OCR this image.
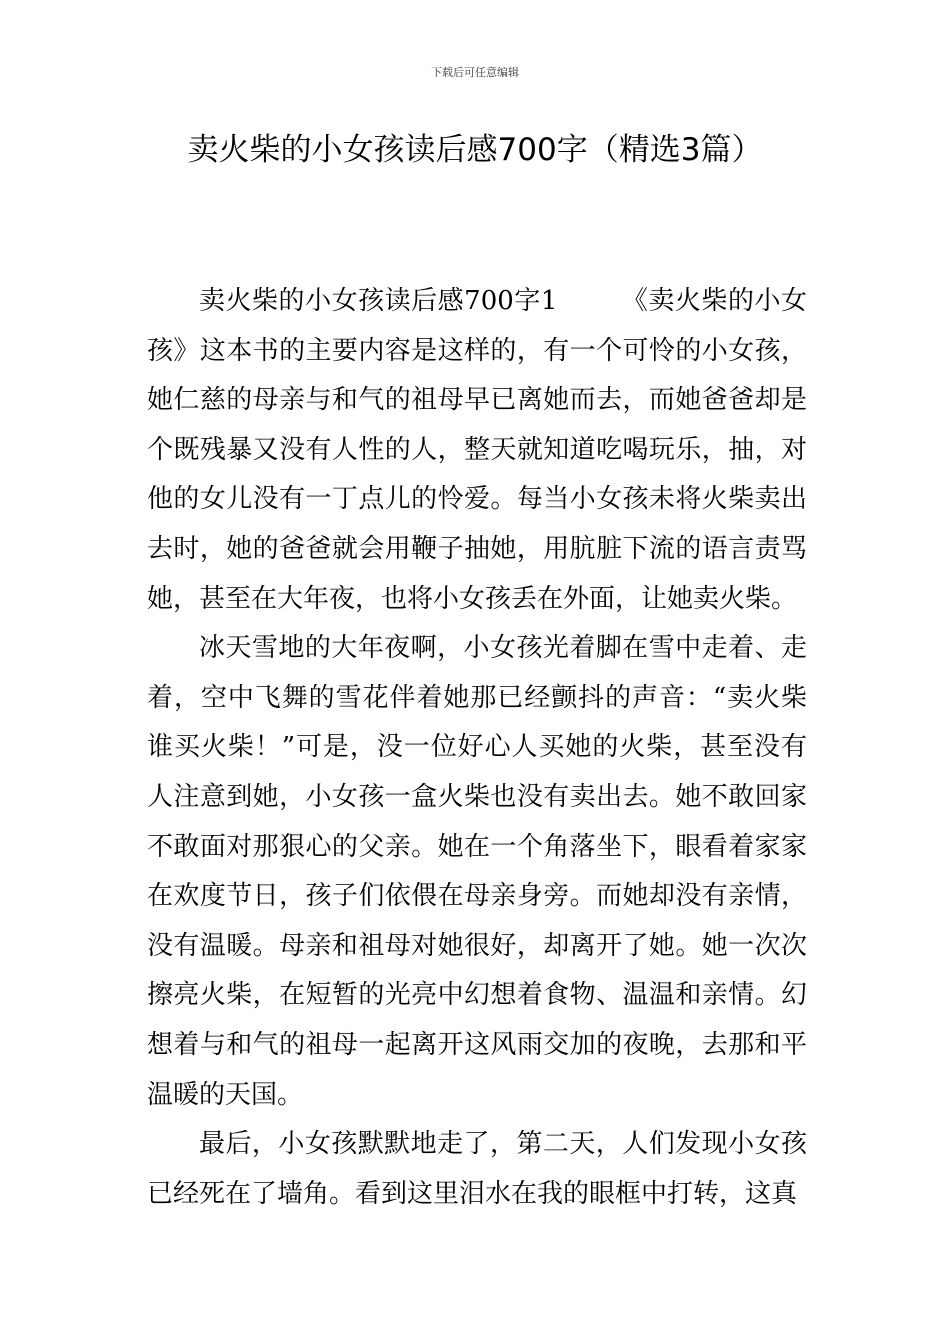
下载后可任意编辑
卖火柴的小女孩读后感700字（精选3篇）

卖火柴的小女孩读后感700字1 《卖火柴的小女孩》这本书的主要内容是这样的，有一个可怜的小女孩，她仁慈的母亲与和气的祖母早已离她而去，而她爸爸却是个既残暴又没有人性的人，整天就知道吃喝玩乐，抽，对他的女儿没有一丁点儿的怜爱。每当小女孩未将火柴卖出去时，她的爸爸就会用鞭子抽她，用肮脏下流的语言责骂她，甚至在大年夜，也将小女孩丢在外面，让她卖火柴。

冰天雪地的大年夜啊，小女孩光着脚在雪中走着、走着，空中飞舞的雪花伴着她那已经颤抖的声音：“卖火柴谁买火柴！”可是，没一位好心人买她的火柴，甚至没有人注意到她，小女孩一盒火柴也没有卖出去。她不敢回家不敢面对那狠心的父亲。她在一个角落坐下，眼看着家家在欢度节日，孩子们依偎在母亲身旁。而她却没有亲情，没有温暖。母亲和祖母对她很好，却离开了她。她一次次擦亮火柴，在短暂的光亮中幻想着食物、温温和亲情。幻想着与和气的祖母一起离开这风雨交加的夜晚，去那和平温暖的天国。

最后，小女孩默默地走了，第二天，人们发现小女孩已经死在了墙角。看到这里泪水在我的眼框中打转，这真
